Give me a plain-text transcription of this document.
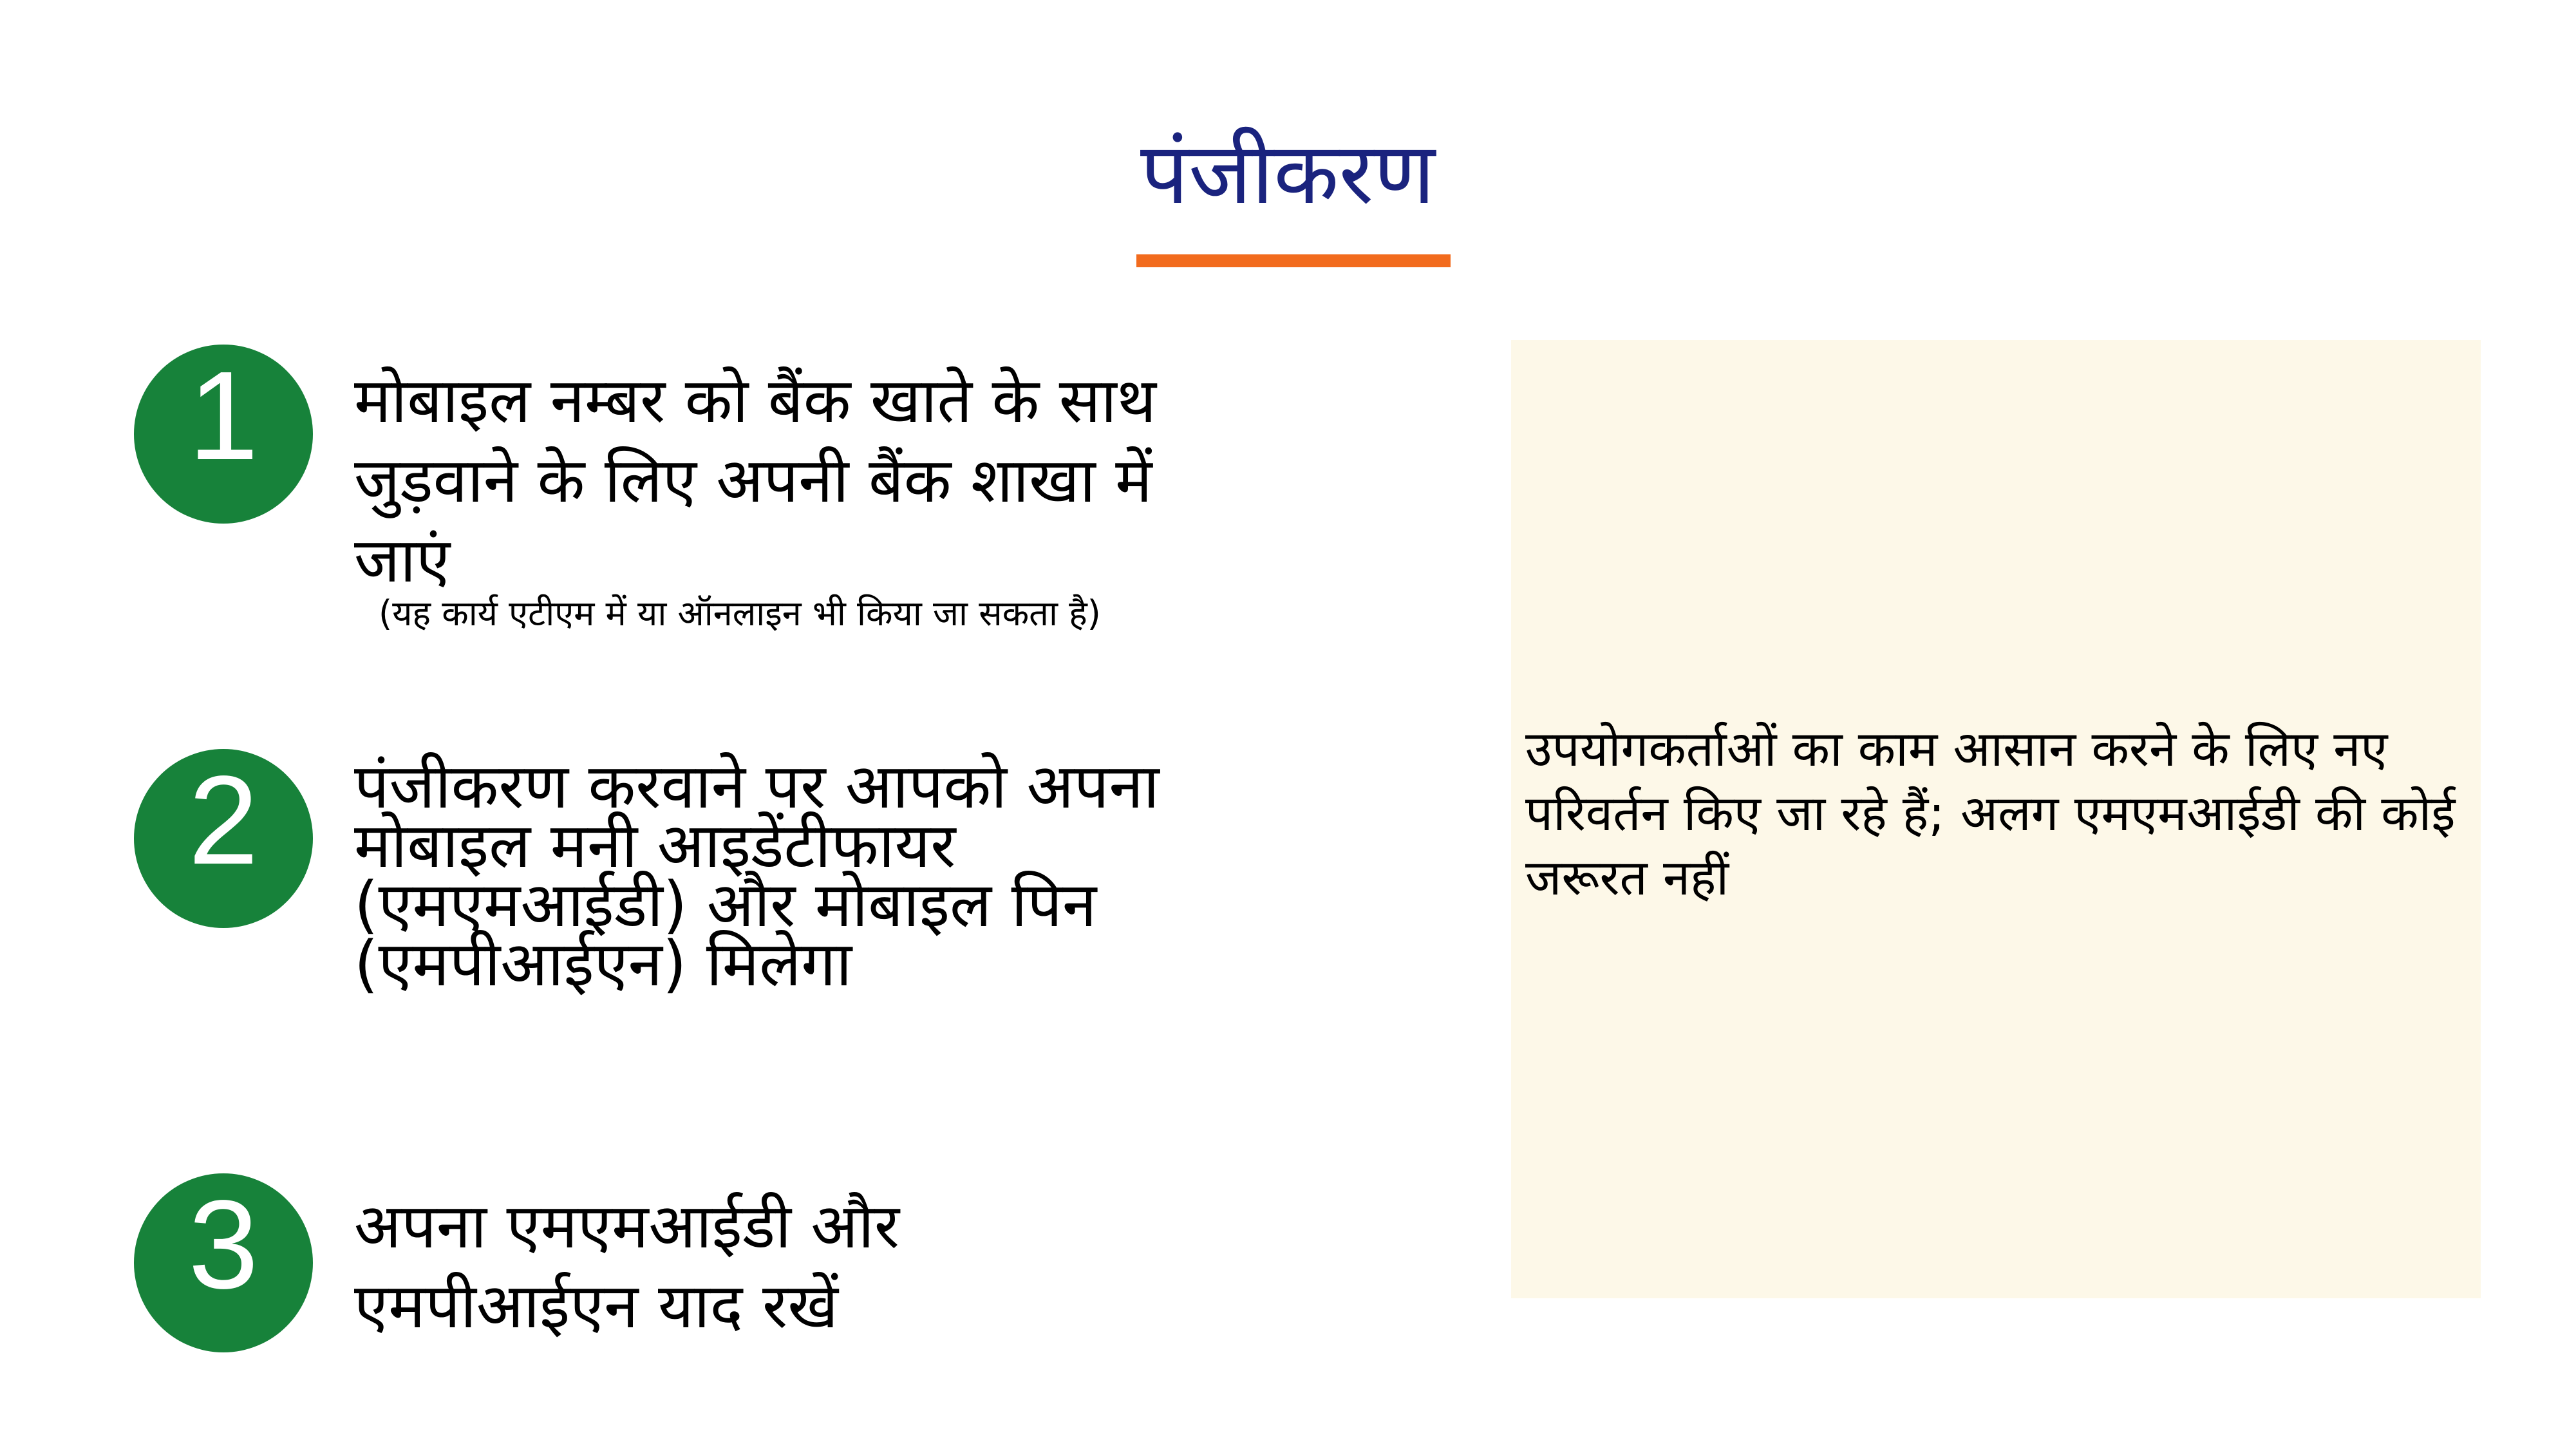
पंजीकरण
1	मोबाइल नम्बर को बैंक खाते के साथ जुड़वाने के लिए अपनी बैंक शाखा में जाएं
(यह कार्य एटीएम में या ऑनलाइन भी किया जा सकता है)
2	पंजीकरण करवाने पर आपको अपना मोबाइल मनी आइडेंटीफायर (एमएमआईडी) और मोबाइल पिन (एमपीआईएन) मिलेगा
3	अपना एमएमआईडी और एमपीआईएन याद रखें
उपयोगकर्ताओं का काम आसान करने के लिए नए परिवर्तन किए जा रहे हैं; अलग एमएमआईडी की कोई जरूरत नहीं
